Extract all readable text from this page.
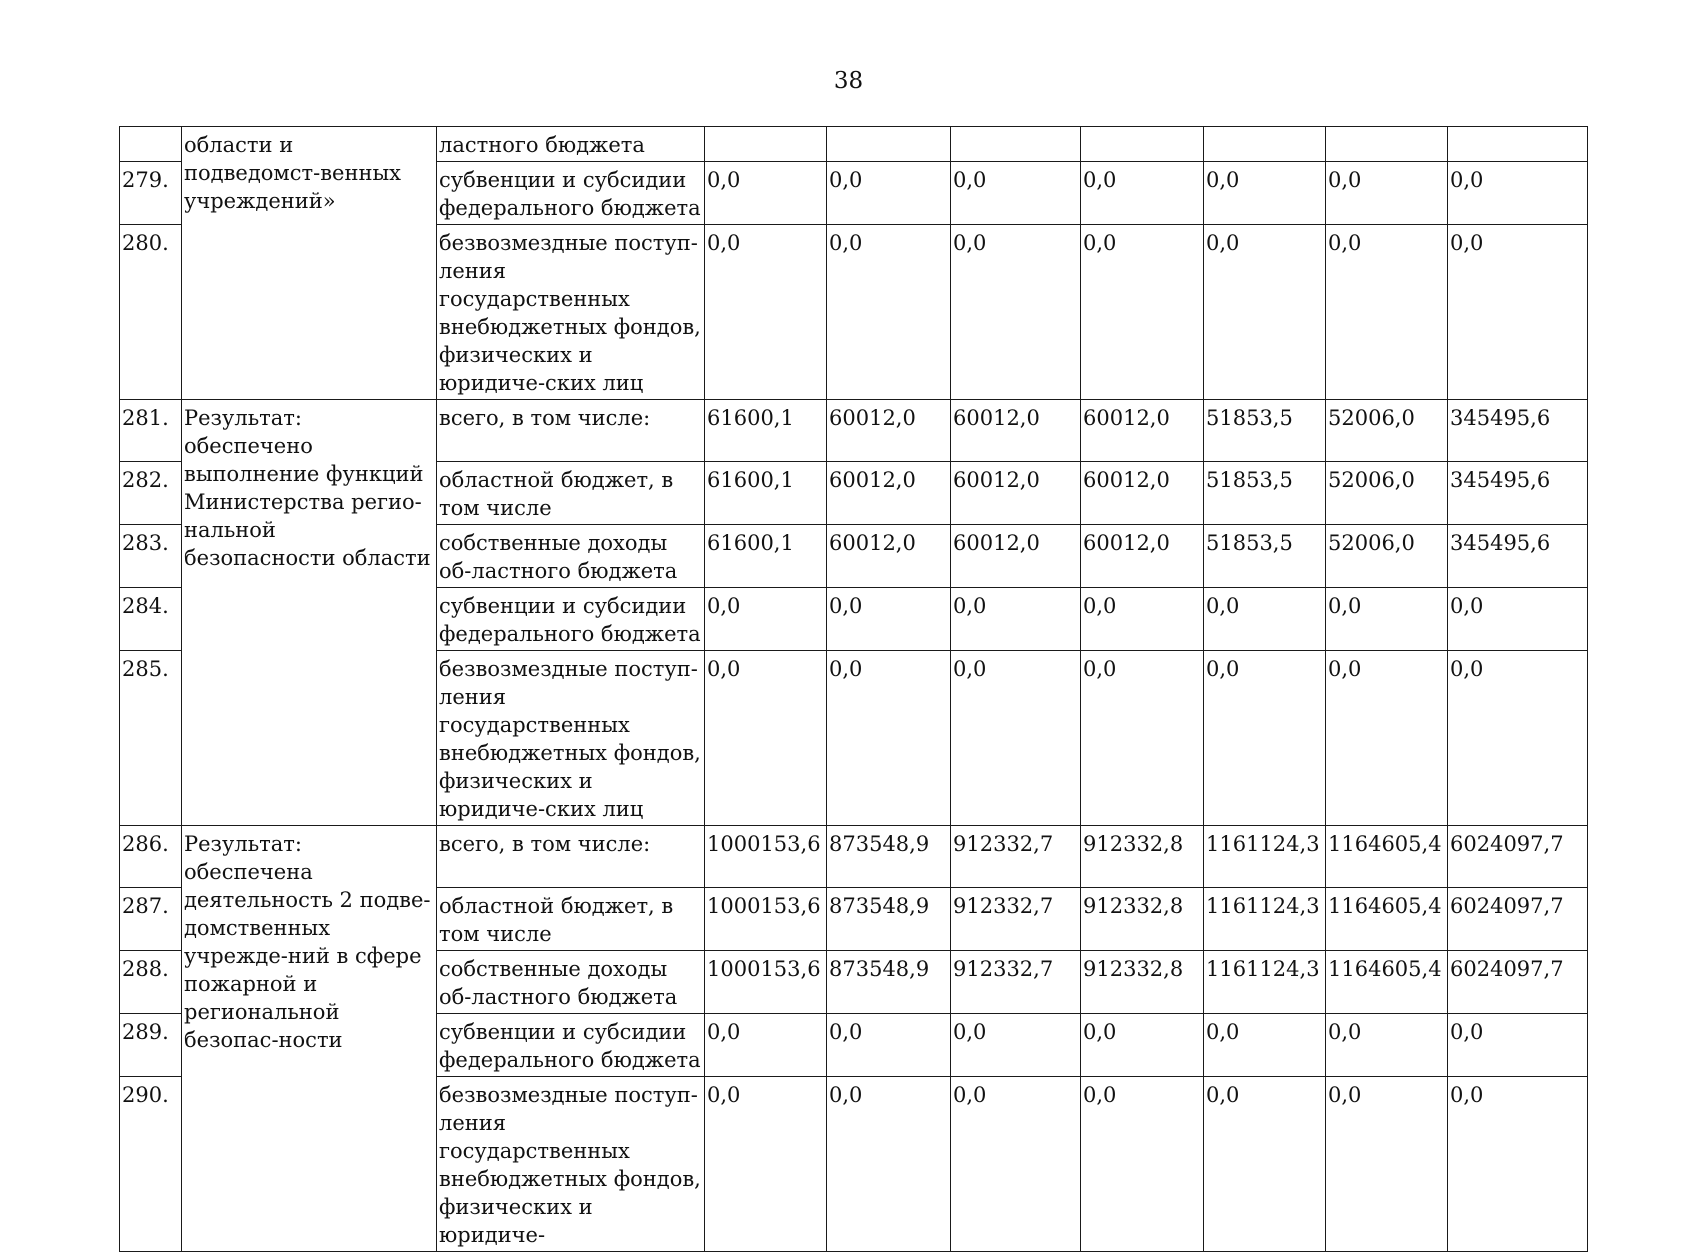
38
	области и подведомст-венных учреждений»	ластного бюджета							
279.		субвенции и субсидии федерального бюджета	0,0	0,0	0,0	0,0	0,0	0,0	0,0
280.		безвозмездные поступ-ления государственных внебюджетных фондов, физических и юридиче-ских лиц	0,0	0,0	0,0	0,0	0,0	0,0	0,0
281.	Результат: обеспечено выполнение функций Министерства регио-нальной безопасности области	всего, в том числе:	61600,1	60012,0	60012,0	60012,0	51853,5	52006,0	345495,6
282.		областной бюджет, в том числе	61600,1	60012,0	60012,0	60012,0	51853,5	52006,0	345495,6
283.		собственные доходы об-ластного бюджета	61600,1	60012,0	60012,0	60012,0	51853,5	52006,0	345495,6
284.		субвенции и субсидии федерального бюджета	0,0	0,0	0,0	0,0	0,0	0,0	0,0
285.		безвозмездные поступ-ления государственных внебюджетных фондов, физических и юридиче-ских лиц	0,0	0,0	0,0	0,0	0,0	0,0	0,0
286.	Результат: обеспечена деятельность 2 подве-домственных учрежде-ний в сфере пожарной и региональной безопас-ности	всего, в том числе:	1000153,6	873548,9	912332,7	912332,8	1161124,3	1164605,4	6024097,7
287.		областной бюджет, в том числе	1000153,6	873548,9	912332,7	912332,8	1161124,3	1164605,4	6024097,7
288.		собственные доходы об-ластного бюджета	1000153,6	873548,9	912332,7	912332,8	1161124,3	1164605,4	6024097,7
289.		субвенции и субсидии федерального бюджета	0,0	0,0	0,0	0,0	0,0	0,0	0,0
290.		безвозмездные поступ-ления государственных внебюджетных фондов, физических и юридиче-	0,0	0,0	0,0	0,0	0,0	0,0	0,0
